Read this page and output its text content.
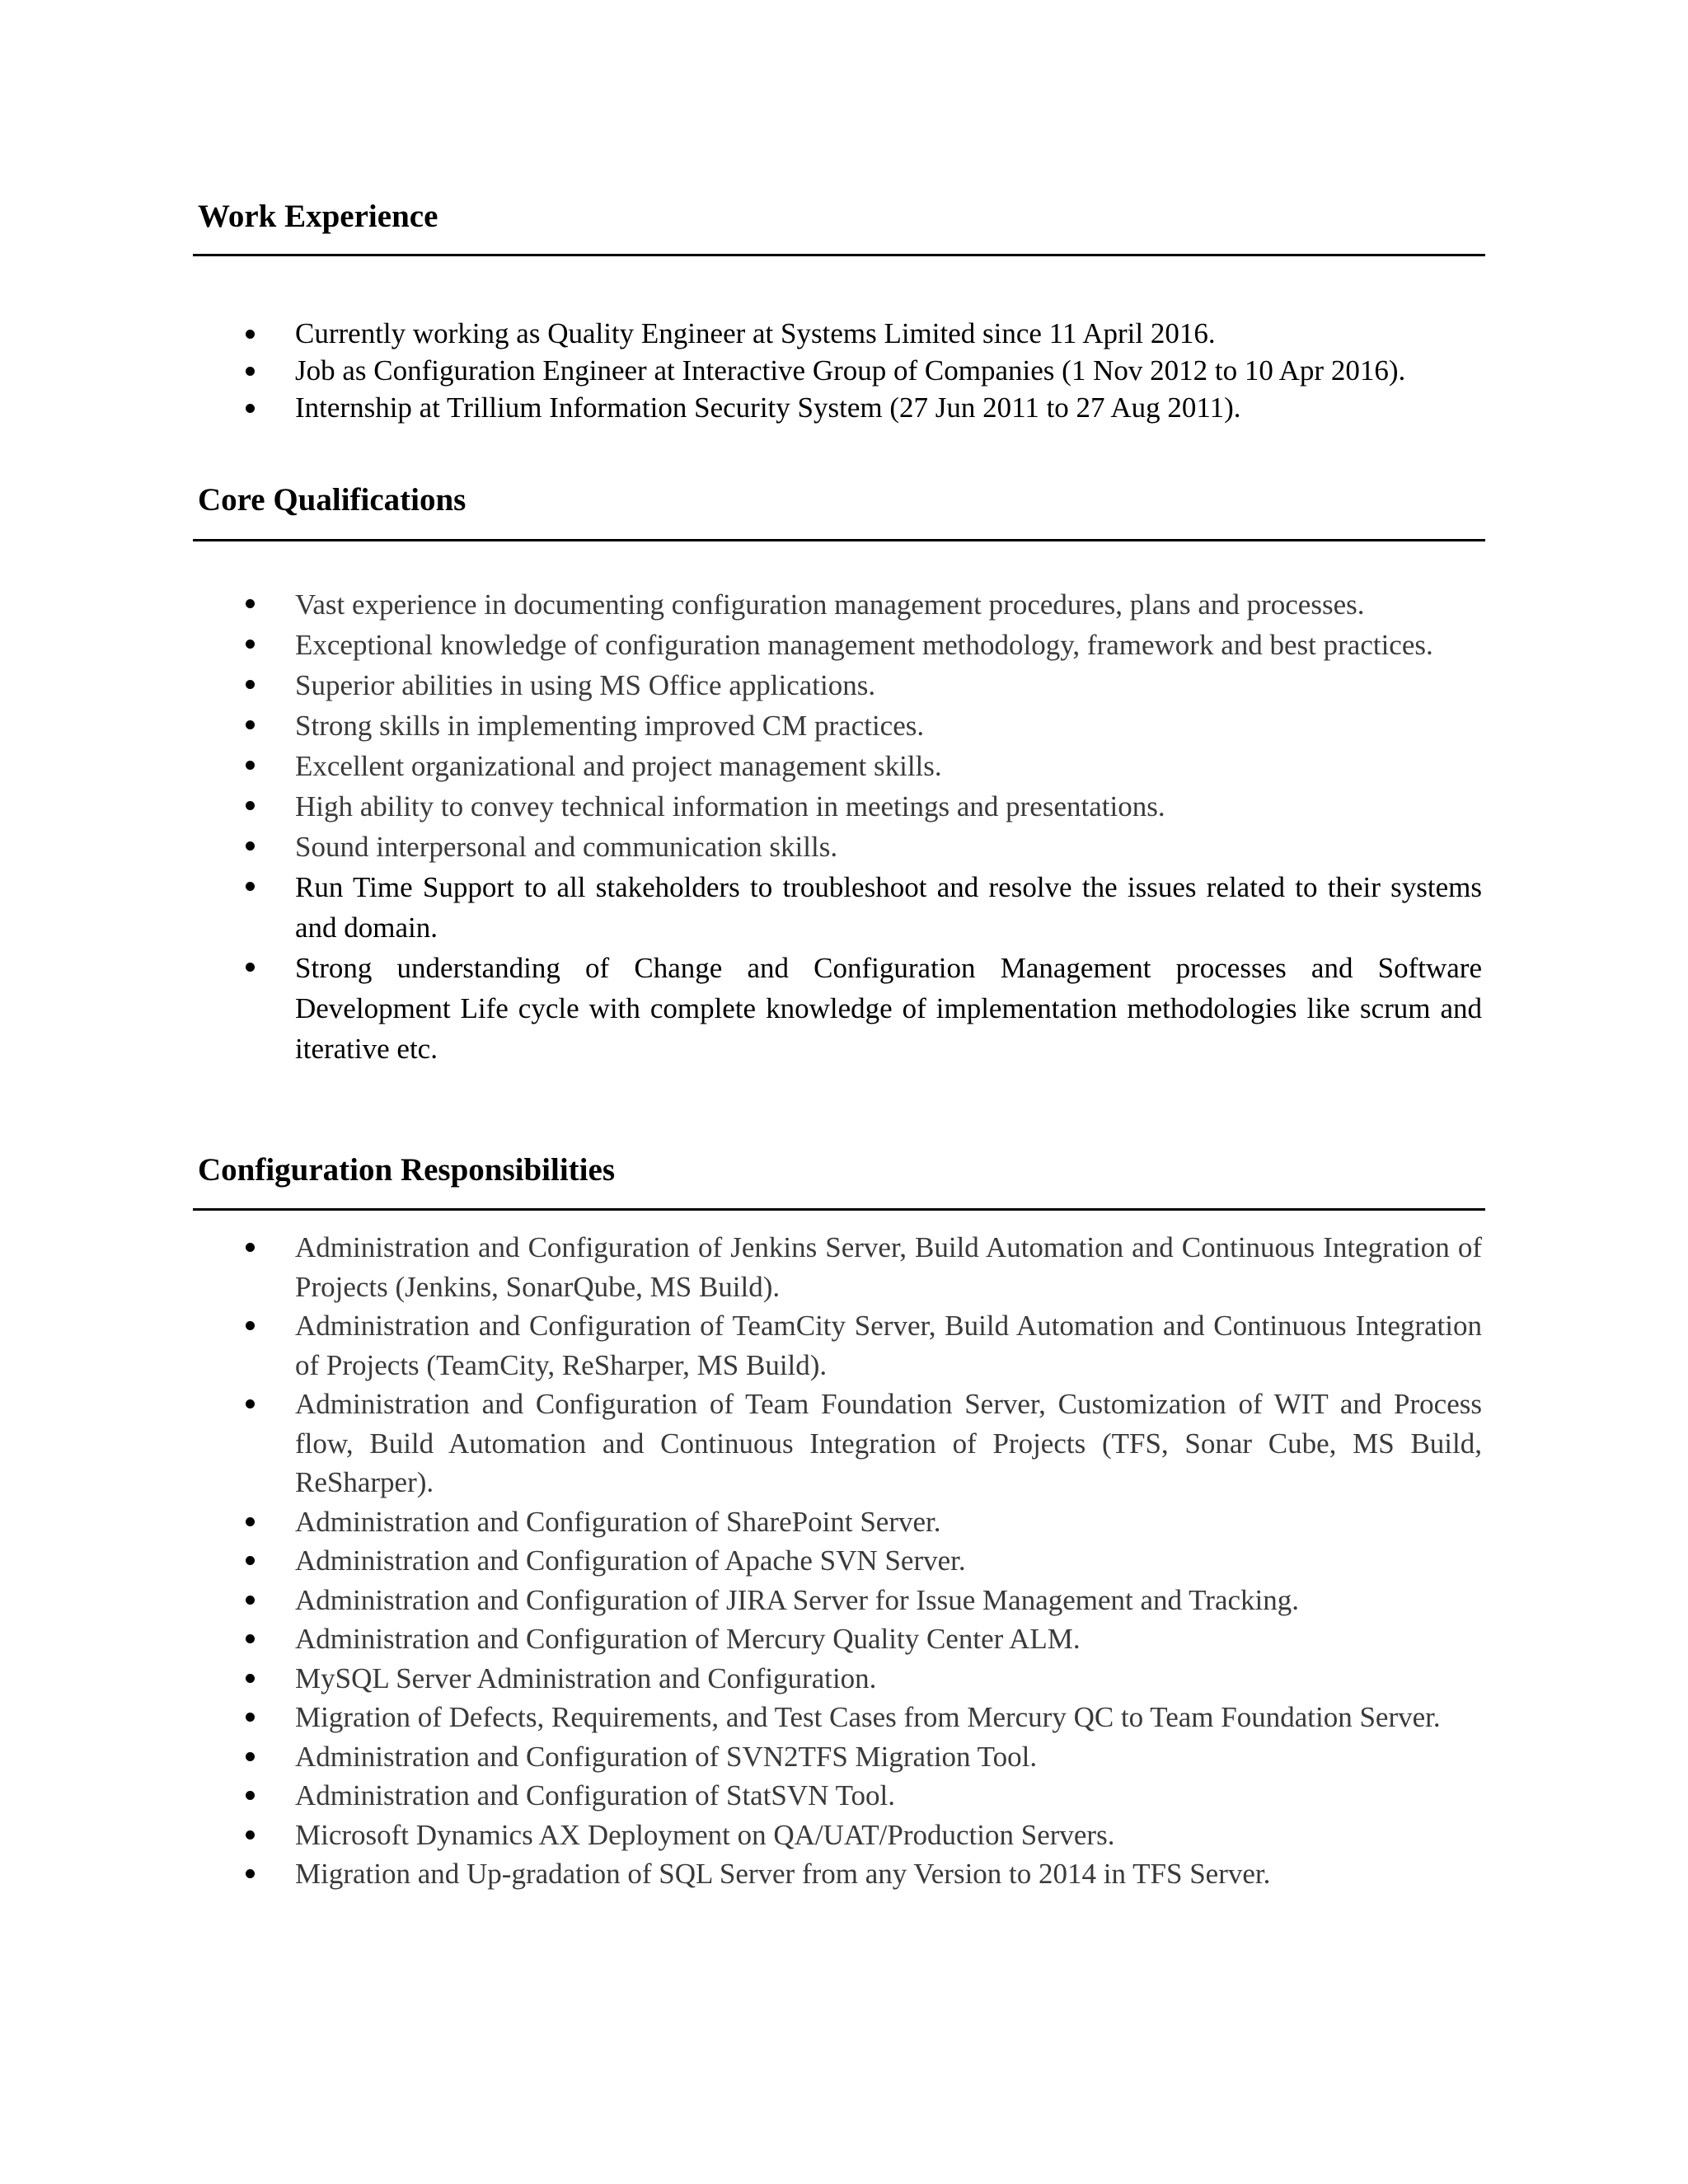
Work Experience
Currently working as Quality Engineer at Systems Limited since 11 April 2016.
Job as Configuration Engineer at Interactive Group of Companies (1 Nov 2012 to 10 Apr 2016).
Internship at Trillium Information Security System (27 Jun 2011 to 27 Aug 2011).
Core Qualifications
Vast experience in documenting configuration management procedures, plans and processes.
Exceptional knowledge of configuration management methodology, framework and best practices.
Superior abilities in using MS Office applications.
Strong skills in implementing improved CM practices.
Excellent organizational and project management skills.
High ability to convey technical information in meetings and presentations.
Sound interpersonal and communication skills.
Run Time Support to all stakeholders to troubleshoot and resolve the issues related to their systems and domain.
Strong understanding of Change and Configuration Management processes and Software Development Life cycle with complete knowledge of implementation methodologies like scrum and iterative etc.
Configuration Responsibilities
Administration and Configuration of Jenkins Server, Build Automation and Continuous Integration of Projects (Jenkins, SonarQube, MS Build).
Administration and Configuration of TeamCity Server, Build Automation and Continuous Integration of Projects (TeamCity, ReSharper, MS Build).
Administration and Configuration of Team Foundation Server, Customization of WIT and Process flow, Build Automation and Continuous Integration of Projects (TFS, Sonar Cube, MS Build, ReSharper).
Administration and Configuration of SharePoint Server.
Administration and Configuration of Apache SVN Server.
Administration and Configuration of JIRA Server for Issue Management and Tracking.
Administration and Configuration of Mercury Quality Center ALM.
MySQL Server Administration and Configuration.
Migration of Defects, Requirements, and Test Cases from Mercury QC to Team Foundation Server.
Administration and Configuration of SVN2TFS Migration Tool.
Administration and Configuration of StatSVN Tool.
Microsoft Dynamics AX Deployment on QA/UAT/Production Servers.
Migration and Up-gradation of SQL Server from any Version to 2014 in TFS Server.
